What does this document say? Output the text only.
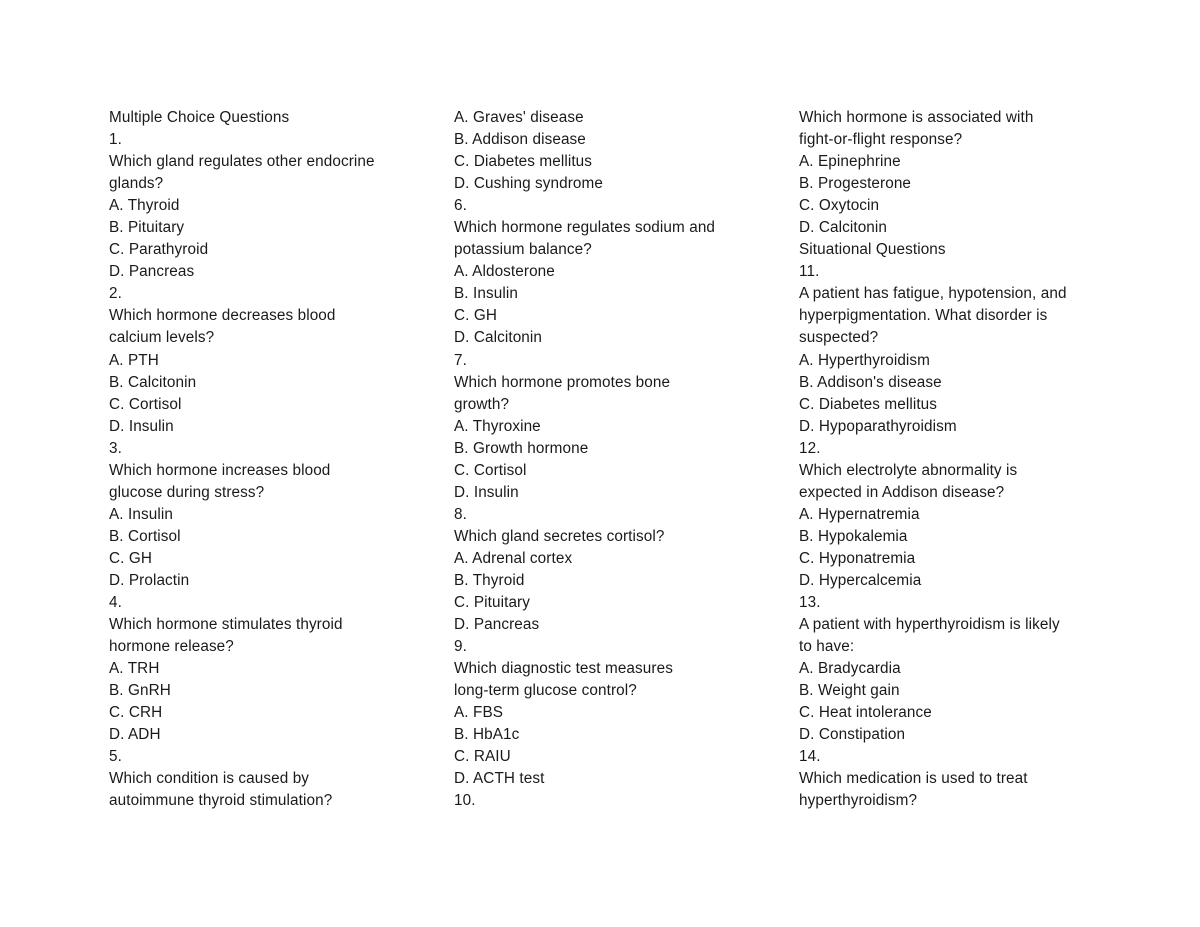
Multiple Choice Questions
1.
Which gland regulates other endocrine
glands?
A. Thyroid
B. Pituitary
C. Parathyroid
D. Pancreas
2.
Which hormone decreases blood
calcium levels?
A. PTH
B. Calcitonin
C. Cortisol
D. Insulin
3.
Which hormone increases blood
glucose during stress?
A. Insulin
B. Cortisol
C. GH
D. Prolactin
4.
Which hormone stimulates thyroid
hormone release?
A. TRH
B. GnRH
C. CRH
D. ADH
5.
Which condition is caused by
autoimmune thyroid stimulation?
A. Graves' disease
B. Addison disease
C. Diabetes mellitus
D. Cushing syndrome
6.
Which hormone regulates sodium and
potassium balance?
A. Aldosterone
B. Insulin
C. GH
D. Calcitonin
7.
Which hormone promotes bone
growth?
A. Thyroxine
B. Growth hormone
C. Cortisol
D. Insulin
8.
Which gland secretes cortisol?
A. Adrenal cortex
B. Thyroid
C. Pituitary
D. Pancreas
9.
Which diagnostic test measures
long-term glucose control?
A. FBS
B. HbA1c
C. RAIU
D. ACTH test
10.
Which hormone is associated with
fight-or-flight response?
A. Epinephrine
B. Progesterone
C. Oxytocin
D. Calcitonin
Situational Questions
11.
A patient has fatigue, hypotension, and
hyperpigmentation. What disorder is
suspected?
A. Hyperthyroidism
B. Addison's disease
C. Diabetes mellitus
D. Hypoparathyroidism
12.
Which electrolyte abnormality is
expected in Addison disease?
A. Hypernatremia
B. Hypokalemia
C. Hyponatremia
D. Hypercalcemia
13.
A patient with hyperthyroidism is likely
to have:
A. Bradycardia
B. Weight gain
C. Heat intolerance
D. Constipation
14.
Which medication is used to treat
hyperthyroidism?
